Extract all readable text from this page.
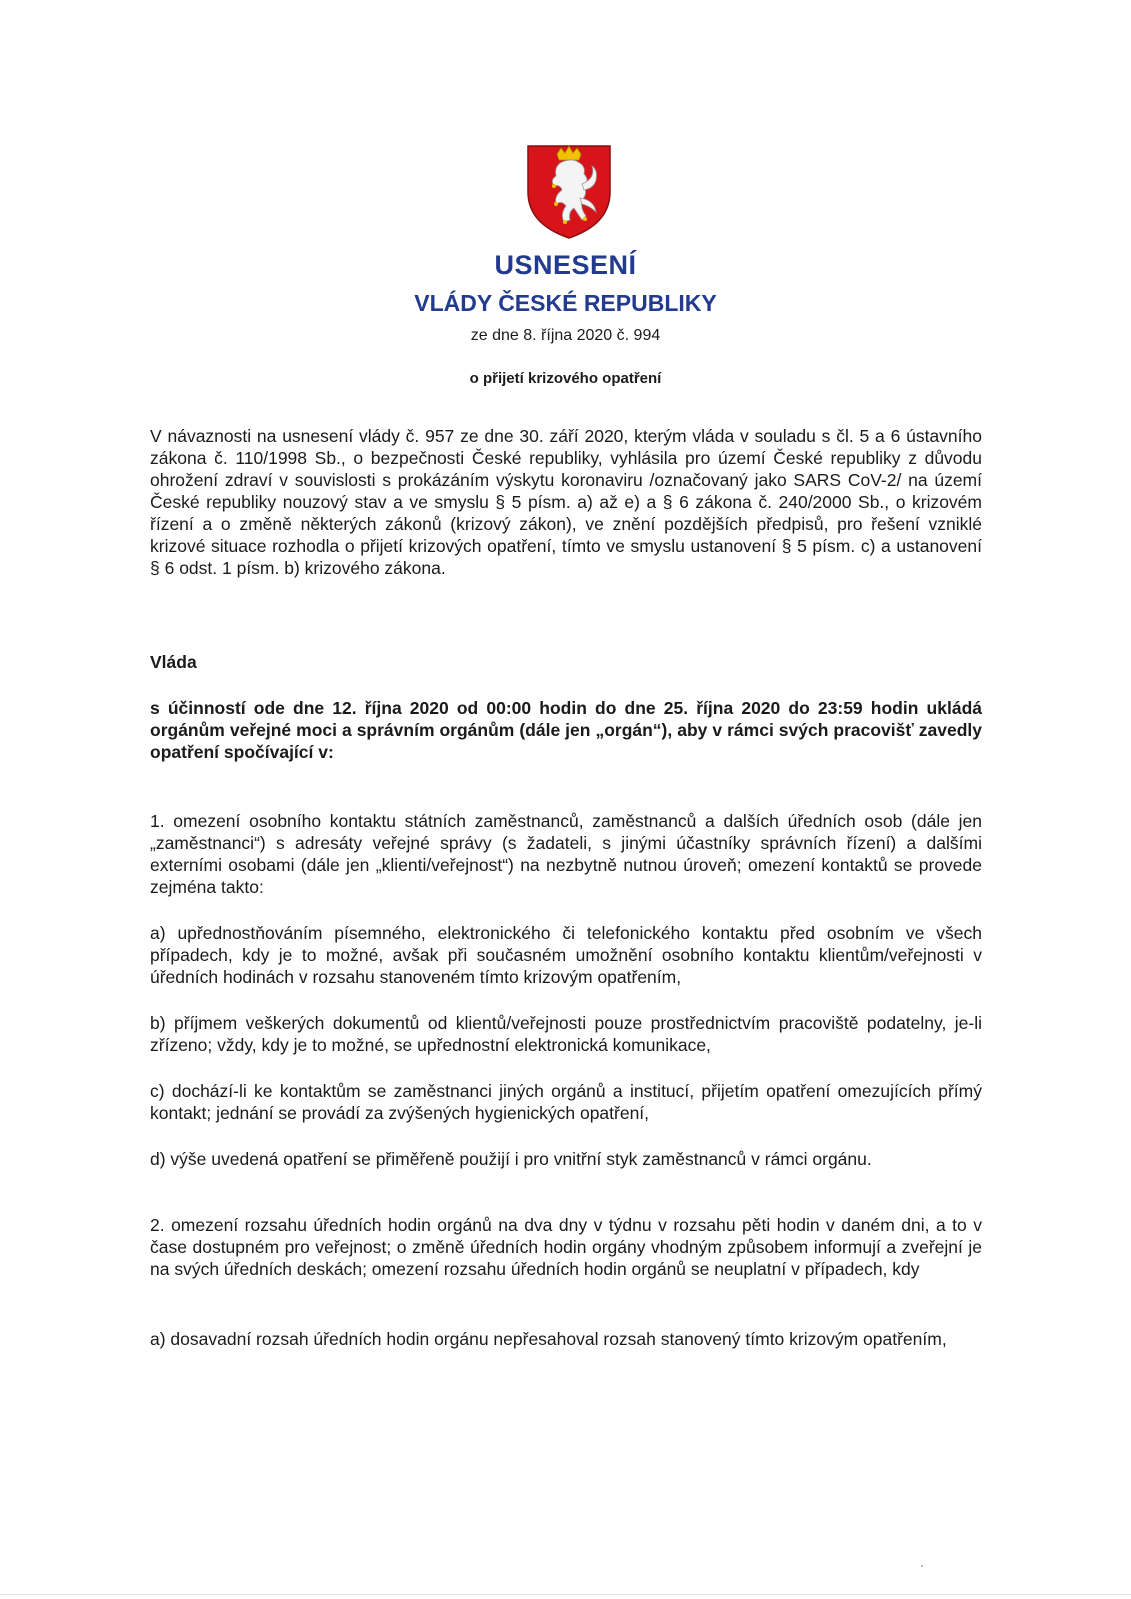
USNESENÍ
VLÁDY ČESKÉ REPUBLIKY
ze dne 8. října 2020 č. 994
o přijetí krizového opatření

V návaznosti na usnesení vlády č. 957 ze dne 30. září 2020, kterým vláda v souladu s čl. 5 a 6 ústavního zákona č. 110/1998 Sb., o bezpečnosti České republiky, vyhlásila pro území České republiky z důvodu ohrožení zdraví v souvislosti s prokázáním výskytu koronaviru /označovaný jako SARS CoV-2/ na území České republiky nouzový stav a ve smyslu § 5 písm. a) až e) a § 6 zákona č. 240/2000 Sb., o krizovém řízení a o změně některých zákonů (krizový zákon), ve znění pozdějších předpisů, pro řešení vzniklé krizové situace rozhodla o přijetí krizových opatření, tímto ve smyslu ustanovení § 5 písm. c) a ustanovení § 6 odst. 1 písm. b) krizového zákona.

Vláda

s účinností ode dne 12. října 2020 od 00:00 hodin do dne 25. října 2020 do 23:59 hodin ukládá orgánům veřejné moci a správním orgánům (dále jen „orgán“), aby v rámci svých pracovišť zavedly opatření spočívající v:

1. omezení osobního kontaktu státních zaměstnanců, zaměstnanců a dalších úředních osob (dále jen „zaměstnanci“) s adresáty veřejné správy (s žadateli, s jinými účastníky správních řízení) a dalšími externími osobami (dále jen „klienti/veřejnost“) na nezbytně nutnou úroveň; omezení kontaktů se provede zejména takto:

a) upřednostňováním písemného, elektronického či telefonického kontaktu před osobním ve všech případech, kdy je to možné, avšak při současném umožnění osobního kontaktu klientům/veřejnosti v úředních hodinách v rozsahu stanoveném tímto krizovým opatřením,

b) příjmem veškerých dokumentů od klientů/veřejnosti pouze prostřednictvím pracoviště podatelny, je-li zřízeno; vždy, kdy je to možné, se upřednostní elektronická komunikace,

c) dochází-li ke kontaktům se zaměstnanci jiných orgánů a institucí, přijetím opatření omezujících přímý kontakt; jednání se provádí za zvýšených hygienických opatření,

d) výše uvedená opatření se přiměřeně použijí i pro vnitřní styk zaměstnanců v rámci orgánu.

2. omezení rozsahu úředních hodin orgánů na dva dny v týdnu v rozsahu pěti hodin v daném dni, a to v čase dostupném pro veřejnost; o změně úředních hodin orgány vhodným způsobem informují a zveřejní je na svých úředních deskách; omezení rozsahu úředních hodin orgánů se neuplatní v případech, kdy

a) dosavadní rozsah úředních hodin orgánu nepřesahoval rozsah stanovený tímto krizovým opatřením,
